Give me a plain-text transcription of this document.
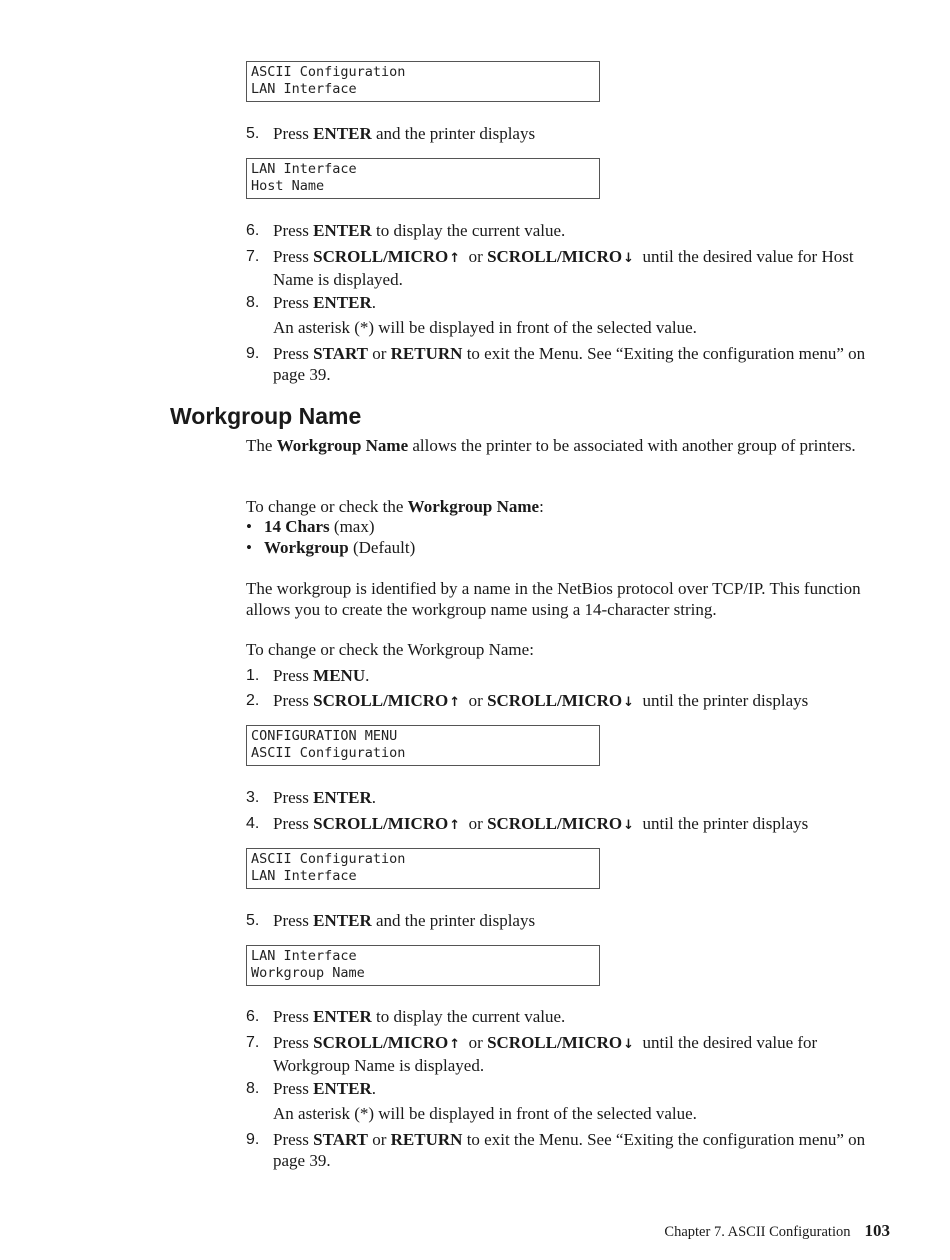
ASCII Configuration
LAN Interface
5. Press ENTER and the printer displays
LAN Interface
Host Name
6. Press ENTER to display the current value.
7. Press SCROLL/MICRO↑ or SCROLL/MICRO↓ until the desired value for Host Name is displayed.
8. Press ENTER.
An asterisk (*) will be displayed in front of the selected value.
9. Press START or RETURN to exit the Menu. See “Exiting the configuration menu” on page 39.
Workgroup Name
The Workgroup Name allows the printer to be associated with another group of printers.
To change or check the Workgroup Name:
• 14 Chars (max)
• Workgroup (Default)
The workgroup is identified by a name in the NetBios protocol over TCP/IP. This function allows you to create the workgroup name using a 14-character string.
To change or check the Workgroup Name:
1. Press MENU.
2. Press SCROLL/MICRO↑ or SCROLL/MICRO↓ until the printer displays
CONFIGURATION MENU
ASCII Configuration
3. Press ENTER.
4. Press SCROLL/MICRO↑ or SCROLL/MICRO↓ until the printer displays
ASCII Configuration
LAN Interface
5. Press ENTER and the printer displays
LAN Interface
Workgroup Name
6. Press ENTER to display the current value.
7. Press SCROLL/MICRO↑ or SCROLL/MICRO↓ until the desired value for Workgroup Name is displayed.
8. Press ENTER.
An asterisk (*) will be displayed in front of the selected value.
9. Press START or RETURN to exit the Menu. See “Exiting the configuration menu” on page 39.
Chapter 7. ASCII Configuration 103
